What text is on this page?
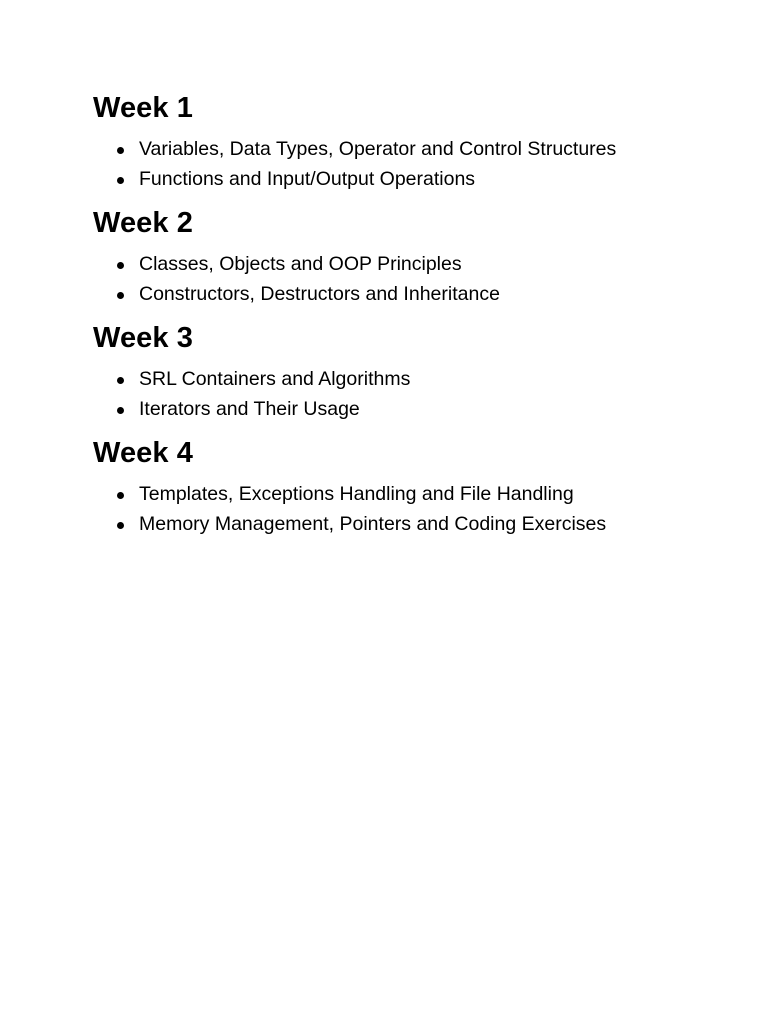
Week 1
Variables, Data Types, Operator and Control Structures
Functions and Input/Output Operations
Week 2
Classes, Objects and OOP Principles
Constructors, Destructors and Inheritance
Week 3
SRL Containers and Algorithms
Iterators and Their Usage
Week 4
Templates, Exceptions Handling and File Handling
Memory Management, Pointers and Coding Exercises
